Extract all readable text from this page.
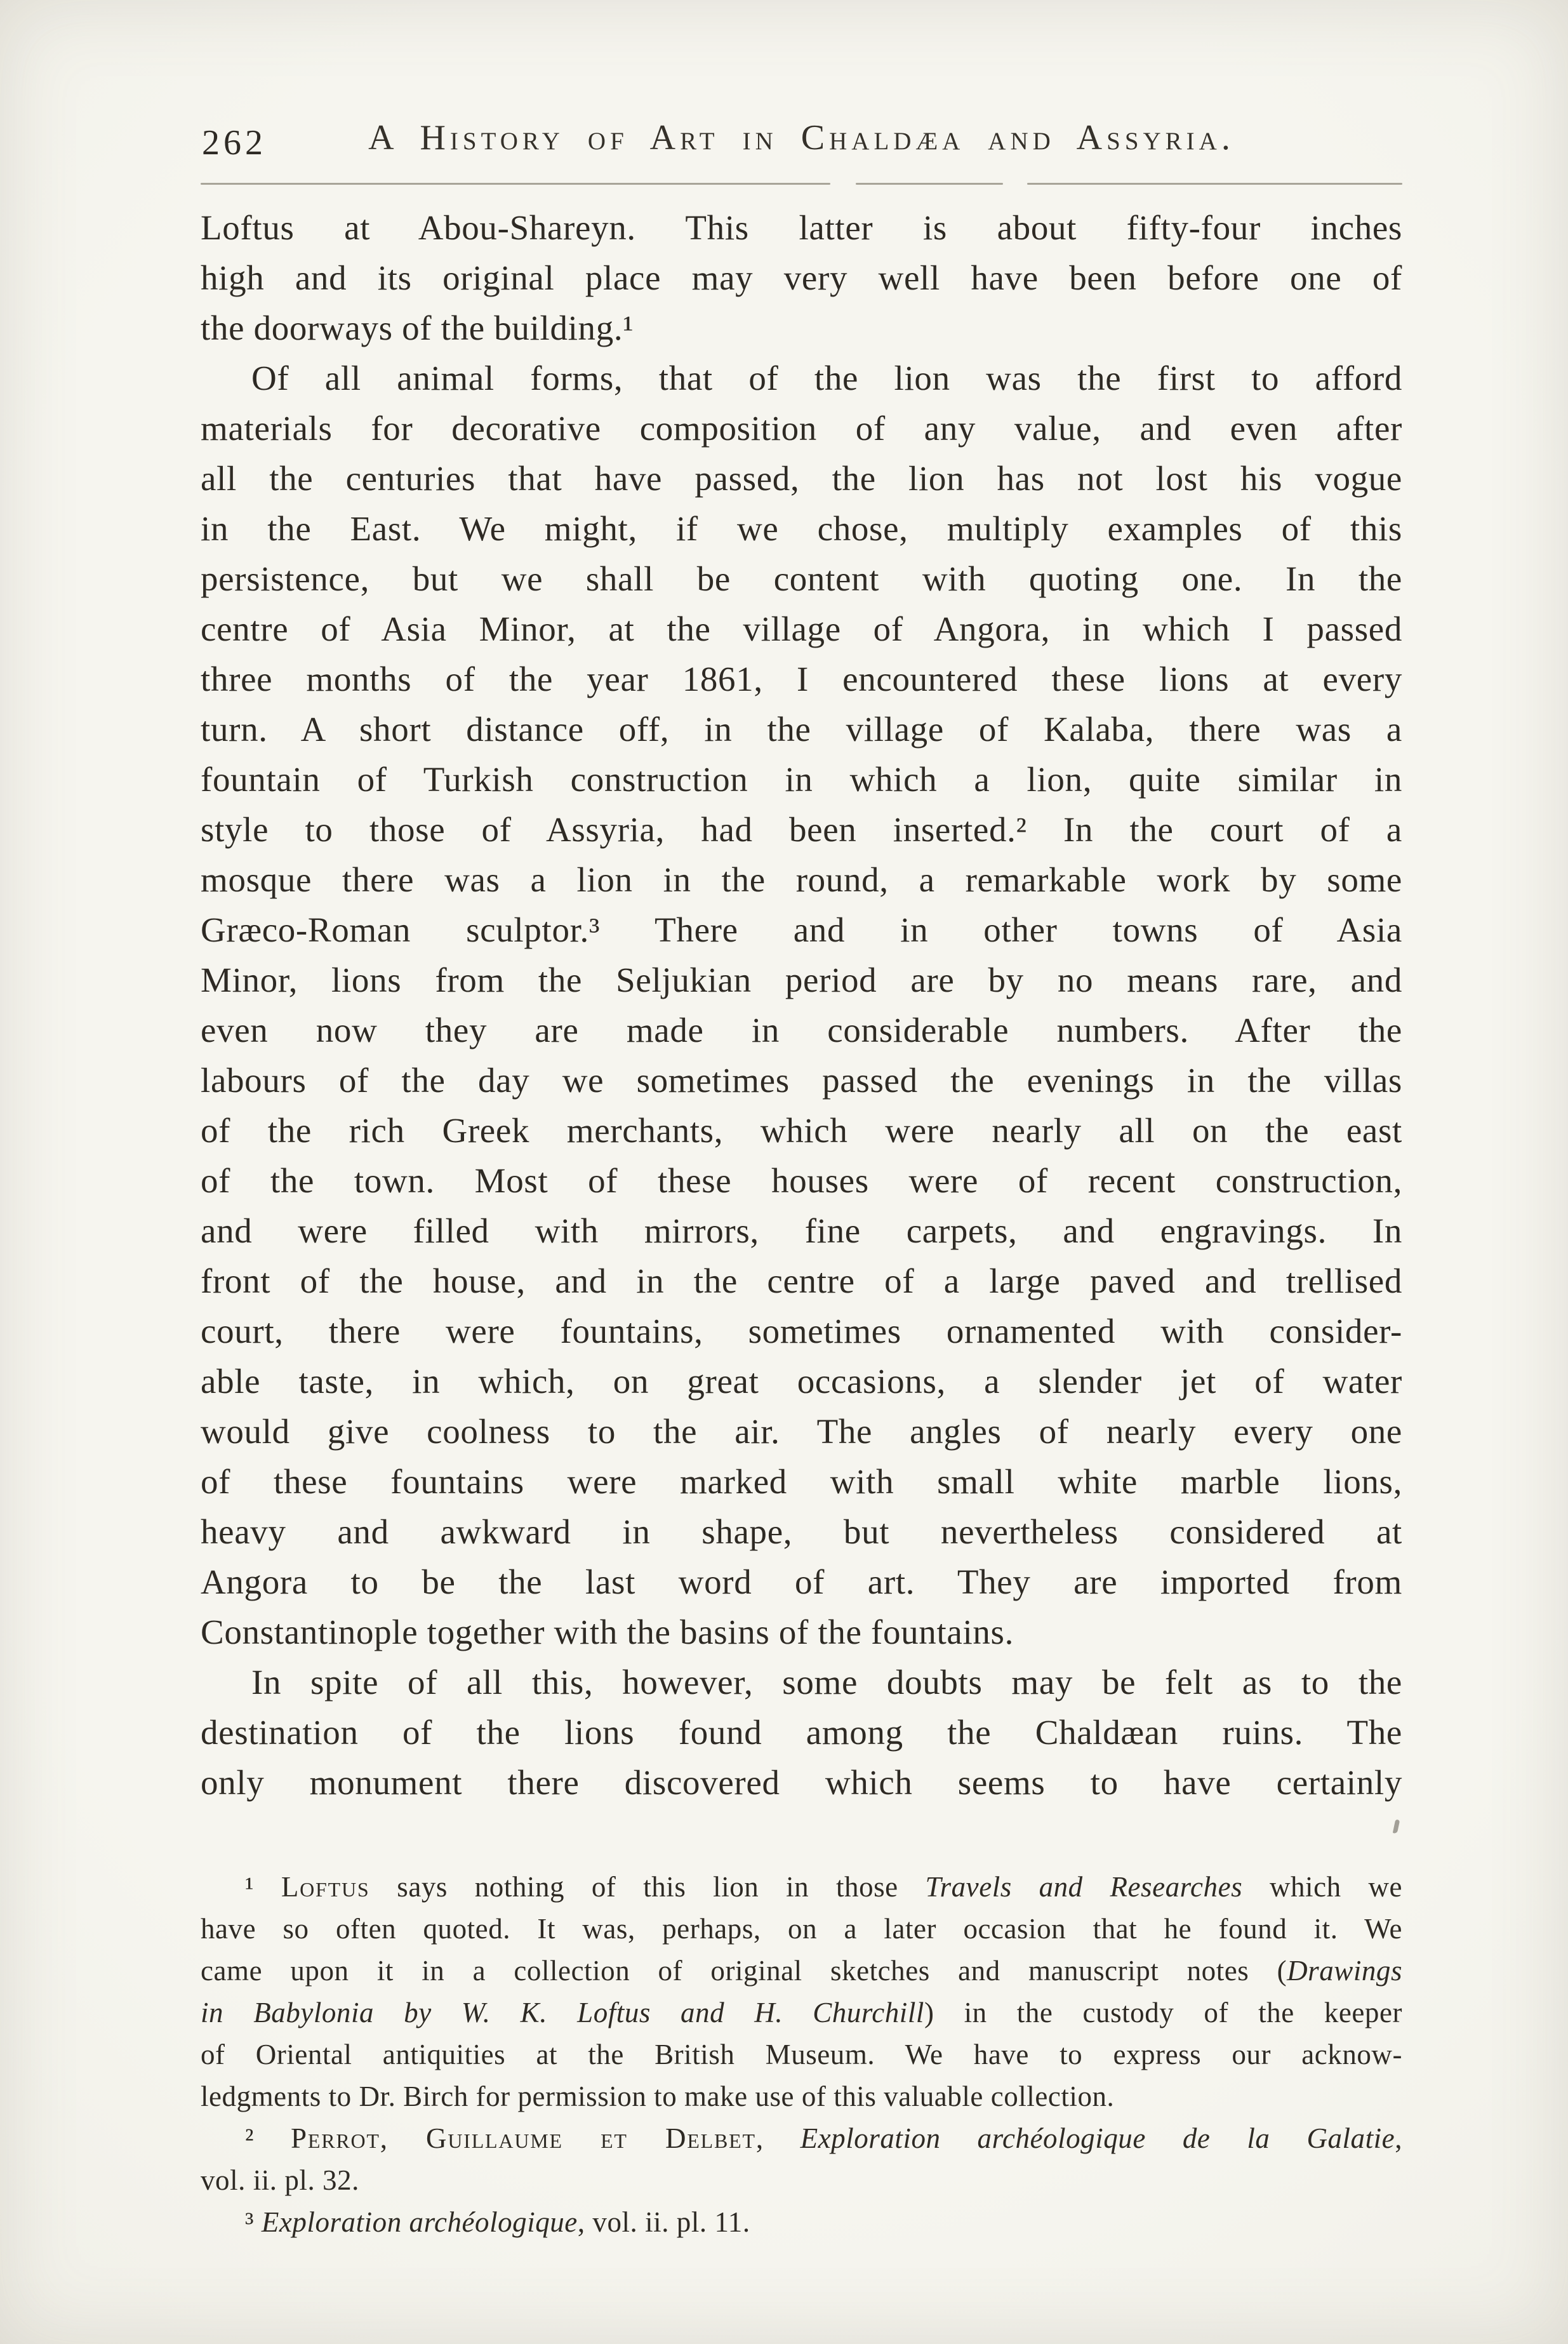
262	A History of Art in Chaldæa and Assyria.
Loftus at Abou-Shareyn. This latter is about fifty-four inches
high and its original place may very well have been before one of
the doorways of the building.¹
Of all animal forms, that of the lion was the first to afford
materials for decorative composition of any value, and even after
all the centuries that have passed, the lion has not lost his vogue
in the East. We might, if we chose, multiply examples of this
persistence, but we shall be content with quoting one. In the
centre of Asia Minor, at the village of Angora, in which I passed
three months of the year 1861, I encountered these lions at every
turn. A short distance off, in the village of Kalaba, there was a
fountain of Turkish construction in which a lion, quite similar in
style to those of Assyria, had been inserted.² In the court of a
mosque there was a lion in the round, a remarkable work by some
Græco-Roman sculptor.³ There and in other towns of Asia
Minor, lions from the Seljukian period are by no means rare, and
even now they are made in considerable numbers. After the
labours of the day we sometimes passed the evenings in the villas
of the rich Greek merchants, which were nearly all on the east
of the town. Most of these houses were of recent construction,
and were filled with mirrors, fine carpets, and engravings. In
front of the house, and in the centre of a large paved and trellised
court, there were fountains, sometimes ornamented with consider-
able taste, in which, on great occasions, a slender jet of water
would give coolness to the air. The angles of nearly every one
of these fountains were marked with small white marble lions,
heavy and awkward in shape, but nevertheless considered at
Angora to be the last word of art. They are imported from
Constantinople together with the basins of the fountains.
In spite of all this, however, some doubts may be felt as to the
destination of the lions found among the Chaldæan ruins. The
only monument there discovered which seems to have certainly
¹ Loftus says nothing of this lion in those Travels and Researches which we
have so often quoted. It was, perhaps, on a later occasion that he found it. We
came upon it in a collection of original sketches and manuscript notes (Drawings
in Babylonia by W. K. Loftus and H. Churchill) in the custody of the keeper
of Oriental antiquities at the British Museum. We have to express our acknow-
ledgments to Dr. Birch for permission to make use of this valuable collection.
² Perrot, Guillaume et Delbet, Exploration archéologique de la Galatie,
vol. ii. pl. 32.
³ Exploration archéologique, vol. ii. pl. 11.
